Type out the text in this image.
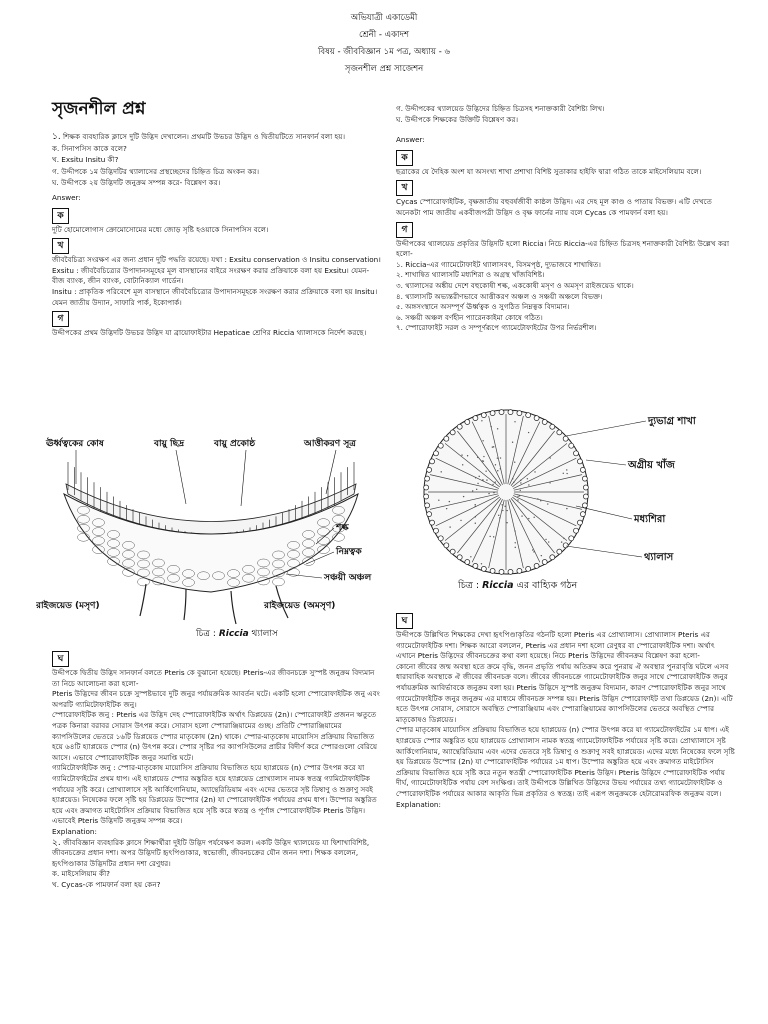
অভিযাত্রী একাডেমী
শ্রেনী - একাদশ
বিষয় - জীববিজ্ঞান ১ম পত্র, অধ্যায় - ৬
সৃজনশীল প্রশ্ন সাজেশন
সৃজনশীল প্রশ্ন

১. শিক্ষক ব্যবহারিক ক্লাসে দুটি উদ্ভিদ দেখালেন। প্রথমটি উভচর উদ্ভিদ ও দ্বিতীয়টিতে সানফার্ন বলা হয়।

ক. সিনাপসিস কাকে বলে?

খ. Exsitu Insitu কী?

গ. উদ্দীপকে ১ম উদ্ভিদটির থ্যালাসের প্রস্থচ্ছেদের চিহ্নিত চিত্র অংকন কর।

ঘ. উদ্দীপকে ২য় উদ্ভিদটি জনুক্রম সম্পন্ন করে- বিশ্লেষণ কর।

Answer:

ক

দুটি হোমোলোগাস ক্রোমোসোমের মধ্যে জোড় সৃষ্টি হওয়াকে সিনাপসিস বলে।

খ

জীববৈচিত্র্য সংরক্ষণ এর জন্য প্রধান দুটি পদ্ধতি রয়েছে। যথা : Exsitu conservation ও Insitu conservation।

Exsitu : জীববৈচিত্র্যের উপাদানসমূহের মূল বাসস্থানের বাইরে সংরক্ষণ করার প্রক্রিয়াকে বলা হয় Exsitu। যেমন- বীজ ব্যাংক, জীন ব্যাংক, বোটানিক্যাল গার্ডেন।

Insitu : প্রাকৃতিক পরিবেশে মূল বাসস্থানে জীববৈচিত্র্যের উপাদানসমূহকে সংরক্ষণ করার প্রক্রিয়াকে বলা হয় Insitu। যেমন জাতীয় উদ্যান, সাফারি পার্ক, ইকোপার্ক।

গ

উদ্দীপকের প্রথম উদ্ভিদটি উভচর উদ্ভিদ যা ব্রায়োফাইটার Hepaticae শ্রেণির Riccia থ্যালাসকে নির্দেশ করছে।

ঊর্ধ্বত্বকের কোষ	বায়ু ছিদ্র	বায়ু প্রকোষ্ঠ	আত্তীকরণ সূত্র
শল্ক
নিম্নত্বক
সঞ্চয়ী অঞ্চল
রাইজয়েড (মসৃণ)	রাইজয়েড (অমসৃণ)
চিত্র : Riccia থ্যালাস
ঘ

উদ্দীপকে দ্বিতীয় উদ্ভিদ সানফার্ন বলতে Pteris কে বুঝানো হয়েছে। Pteris-এর জীবনচক্রে সুস্পষ্ট জনুক্রম বিদ্যমান তা নিচে আলোচনা করা হলো-

Pteris উদ্ভিদের জীবন চক্রে সুস্পষ্টভাবে দুটি জনুর পর্যায়ক্রমিক আবর্তন ঘটে। একটি হলো স্পোরোফাইটিক জনু এবং অপরটি গ্যামিটোফাইটিক জনু।

স্পোরোফাইটিক জনু : Pteris এর উদ্ভিদ দেহ স্পোরোফাইটিক অর্থাৎ ডিপ্লয়েড (2n)। স্পোরোফাইট প্রজনন ঋতুতে পত্রক কিনারা বরাবর সোরাস উৎপন্ন করে। সোরাস হলো স্পোরাঞ্জিয়ামের গুচ্ছ। প্রতিটি স্পোরাঞ্জিয়ামের ক্যাপসিউলের ভেতরে ১৬টি ডিপ্লয়েড স্পোর মাতৃকোষ (2n) থাকে। স্পোর-মাতৃকোষ মায়োসিস প্রক্রিয়ায় বিভাজিত হয়ে ৬৪টি হ্যাপ্লয়েড স্পোর (n) উৎপন্ন করে। স্পোর সৃষ্টির পর ক্যাপসিউলের প্রাচীর বিদীর্ণ করে স্পোরগুলো বেরিয়ে আসে। এভাবে স্পোরোফাইটিক জনুর সমাপ্তি ঘটে।

গ্যামিটোফাইটিক জনু : স্পোর-মাতৃকোষ মায়োসিস প্রক্রিয়ায় বিভাজিত হয়ে হ্যাপ্লয়েড (n) স্পোর উৎপন্ন করে যা গ্যামিটোফাইটের প্রথম ধাপ। এই হ্যাপ্লয়েড স্পোর অঙ্কুরিত হয়ে হ্যাপ্লয়েড প্রোথ্যালাস নামক স্বতন্ত্র গ্যামিটোফাইটিক পর্যায়ের সৃষ্টি করে। প্রোথ্যালাসে সৃষ্ট আর্কিগোনিয়াম, অ্যান্থেরিডিয়াম এবং এদের ভেতরে সৃষ্ট ডিম্বাণু ও শুক্রাণু সবই হ্যাপ্লয়েড। নিষেকের ফলে সৃষ্টি হয় ডিপ্লয়েড উস্পোর (2n) যা স্পোরোফাইটিক পর্যায়ের প্রথম ধাপ। উস্পোর অঙ্কুরিত হয়ে এবং ক্রমাগত মাইটোসিস প্রক্রিয়ায় বিভাজিত হয়ে সৃষ্টি করে স্বতন্ত্র ও পূর্ণাঙ্গ স্পোরোফাইটিক Pteris উদ্ভিদ। এভাবেই Pteris উদ্ভিদটি জনুক্রম সম্পন্ন করে।

Explanation:

২. জীববিজ্ঞান ব্যবহারিক ক্লাসে শিক্ষার্থীরা দুইটি উদ্ভিদ পর্যবেক্ষণ করল। একটি উদ্ভিদ থ্যালয়েড যা দ্বিশাখাবিশিষ্ট, জীবনচক্রের প্রধান দশা। অপর উদ্ভিদটি হৃৎপিণ্ডাকার, স্বভোজী, জীবনচক্রের যৌন জনন দশা। শিক্ষক বললেন, হৃৎপিণ্ডাকার উদ্ভিদটির প্রধান দশা রেণুধর।

ক. মাইসেলিয়াম কী?

খ. Cycas-কে পামফার্ন বলা হয় কেন?

গ. উদ্দীপকের থ্যালয়েড উদ্ভিদের চিহ্নিত চিত্রসহ শনাক্তকারী বৈশিষ্ট্য লিখ।

ঘ. উদ্দীপকে শিক্ষকের উক্তিটি বিশ্লেষণ কর।

Answer:

ক

ছত্রাকের যে দৈহিক অংশ যা অসংখ্য শাখা প্রশাখা বিশিষ্ট সুতাকার হাইফি দ্বারা গঠিত তাকে মাইসেলিয়াম বলে।

খ

Cycas স্পোরোফাইটিক, বৃক্ষজাতীয় বহুবর্ষজীবী কাষ্ঠল উদ্ভিদ। এর দেহ মূল কাণ্ড ও পাতায় বিভক্ত। এটি দেখতে অনেকটা পাম জাতীয় একবীজপত্রী উদ্ভিদ ও বৃক্ষ ফার্নের ন্যায় বলে Cycas কে পামফার্ন বলা হয়।

গ

উদ্দীপকের থ্যালয়েড প্রকৃতির উদ্ভিদটি হলো Riccia। নিচে Riccia-এর চিহ্নিত চিত্রসহ শনাক্তকারী বৈশিষ্ট্য উল্লেখ করা হলো-

১. Riccia-এর গ্যামেটোফাইট থ্যালাসবৎ, বিসমপৃষ্ঠ, দ্যুভাজবে শাখান্বিত।

২. শাখান্বিত থ্যালাসটি মধ্যশিরা ও অগ্রস্থ খাঁজবিশিষ্ট।

৩. থ্যালাসের অঙ্কীয় দেশে বহুকোষী শল্ক, এককোষী মসৃণ ও অমসৃণ রাইজয়েড থাকে।

৪. থ্যালাসটি অভ্যন্তরীণভাবে আত্তীকরণ অঞ্চল ও সঞ্চয়ী অঞ্চলে বিভক্ত।

৫. অঙ্গসংস্থানে অসম্পূর্ণ ঊর্ধ্বত্বক ও সুগঠিত নিম্নত্বক বিদ্যমান।

৬. সঞ্চয়ী অঞ্চল বর্ণহীন প্যারেনকাইমা কোষে গঠিত।

৭. স্পোরোফাইট সরল ও সম্পূর্ণরূপে গ্যামেটোফাইটের উপর নির্ভরশীল।

দ্যুভাগ্র শাখা
অগ্রীয় খাঁজ
মধ্যশিরা
থ্যালাস
চিত্র : Riccia এর বাহ্যিক গঠন
ঘ

উদ্দীপকে উল্লিখিত শিক্ষকের দেখা হৃৎপিণ্ডাকৃতির গঠনটি হলো Pteris এর প্রোথ্যালাস। প্রোথ্যালাস Pteris এর গ্যামেটোফাইটিক দশা। শিক্ষক আরো বললেন, Pteris এর প্রধান দশা হলো রেণুধর বা স্পোরোফাইটিক দশা। অর্থাৎ এখানে Pteris উদ্ভিদের জীবনচক্রের কথা বলা হয়েছে। নিচে Pteris উদ্ভিদের জীবনক্রম বিশ্লেষণ করা হলো-

কোনো জীবের জন্ম অবস্থা হতে ক্রমে বৃদ্ধি, জনন প্রভৃতি পর্যায় অতিক্রম করে পুনরায় ঐ অবস্থার পুনরাবৃত্তি ঘটলে এসব ধারাবাহিক অবস্থাকে ঐ জীবের জীবনচক্র বলে। জীবের জীবনচক্রে গ্যামেটোফাইটিক জনুর সাথে স্পোরোফাইটিক জনুর পর্যায়ক্রমিক আবির্ভাবকে জনুক্রম বলা হয়। Pteris উদ্ভিদে সুস্পষ্ট জনুক্রম বিদ্যমান, কারণ স্পোরোফাইটিক জনুর সাথে গ্যামেটোফাইটিক জনুর জনুক্রম এর মাধ্যমে জীবনচক্র সম্পন্ন হয়। Pteris উদ্ভিদ স্পোরোফাইট তথা ডিপ্লয়েড (2n)। এটি হতে উৎপন্ন সোরাস, সোরাসে অবস্থিত স্পোরাঞ্জিয়াম এবং স্পোরাঞ্জিয়ামের ক্যাপসিউলের ভেতরে অবস্থিত স্পোর মাতৃকোষও ডিপ্লয়েড।

স্পোর মাতৃকোষ মায়োসিস প্রক্রিয়ায় বিভাজিত হয়ে হ্যাপ্লয়েড (n) স্পোর উৎপন্ন করে যা গ্যামেটোফাইটের ১ম ধাপ। এই হ্যাপ্লয়েড স্পোর অঙ্কুরিত হয়ে হ্যাপ্লয়েড প্রোথ্যালাস নামক স্বতন্ত্র গ্যামেটোফাইটিক পর্যায়ের সৃষ্টি করে। প্রোথ্যালাসে সৃষ্ট আর্কিগোনিয়াম, অ্যান্থেরিডিয়াম এবং এদের ভেতরে সৃষ্ট ডিম্বাণু ও শুক্রাণু সবই হ্যাপ্লয়েড। এদের মধ্যে নিষেকের ফলে সৃষ্টি হয় ডিপ্লয়েড উস্পোর (2n) যা স্পোরোফাইটিক পর্যায়ের ১ম ধাপ। উস্পোর অঙ্কুরিত হয়ে এবং ক্রমাগত মাইটোসিস প্রক্রিয়ায় বিভাজিত হয়ে সৃষ্টি করে নতুন স্বতন্ত্রী স্পোরোফাইটিক Pteris উদ্ভিদ। Pteris উদ্ভিদে স্পোরোফাইটিক পর্যায় দীর্ঘ, গ্যামেটোফাইটিক পর্যায় বেশ সংক্ষিপ্ত। তাই উদ্দীপকে উল্লিখিত উদ্ভিদের উভয় পর্যায়ের তথ্য গ্যামেটোফাইটিক ও স্পোরোফাইটিক পর্যায়ের আকার আকৃতি ভিন্ন প্রকৃতির ও স্বতন্ত্র। তাই এরূপ জনুক্রমকে হেটারোমরফিক জনুক্রম বলে।

Explanation:
